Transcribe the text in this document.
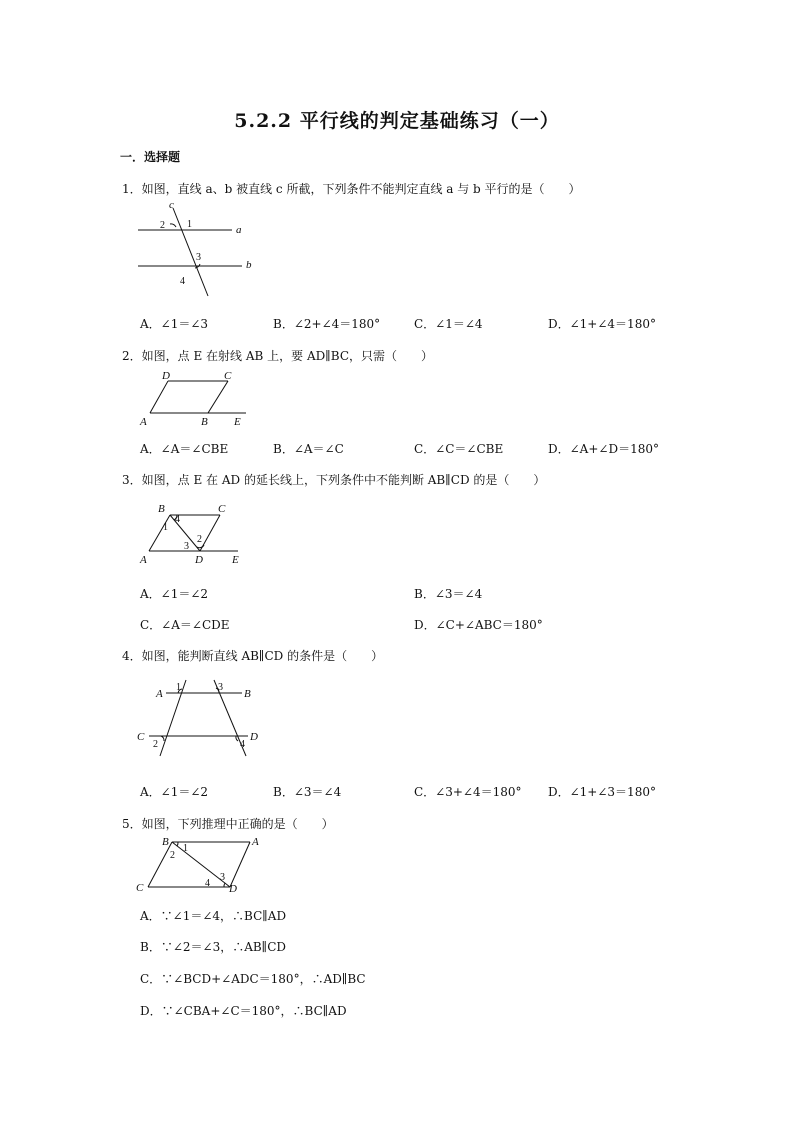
5.2.2 平行线的判定基础练习（一）
一．选择题
1．如图，直线 a、b 被直线 c 所截，下列条件不能判定直线 a 与 b 平行的是（　　）
c
a
b
2 1
3
4
A．∠1＝∠3	B．∠2+∠4＝180°	C．∠1＝∠4	D．∠1+∠4＝180°
2．如图，点 E 在射线 AB 上，要 AD∥BC，只需（　　）
D	C
A	B E
A．∠A＝∠CBE	B．∠A＝∠C	C．∠C＝∠CBE	D．∠A+∠D＝180°
3．如图，点 E 在 AD 的延长线上，下列条件中不能判断 AB∥CD 的是（　　）
B	C
A	D	E
1
4
3
2
A．∠1＝∠2	B．∠3＝∠4
C．∠A＝∠CDE	D．∠C+∠ABC＝180°
4．如图，能判断直线 AB∥CD 的条件是（　　）
A	B
C	D
1	3
2	4
A．∠1＝∠2	B．∠3＝∠4	C．∠3+∠4＝180° D．∠1+∠3＝180°
5．如图，下列推理中正确的是（　　）
B	A
C	D
1
2
3
4
A．∵∠1＝∠4，∴BC∥AD
B．∵∠2＝∠3，∴AB∥CD
C．∵∠BCD+∠ADC＝180°，∴AD∥BC
D．∵∠CBA+∠C＝180°，∴BC∥AD
